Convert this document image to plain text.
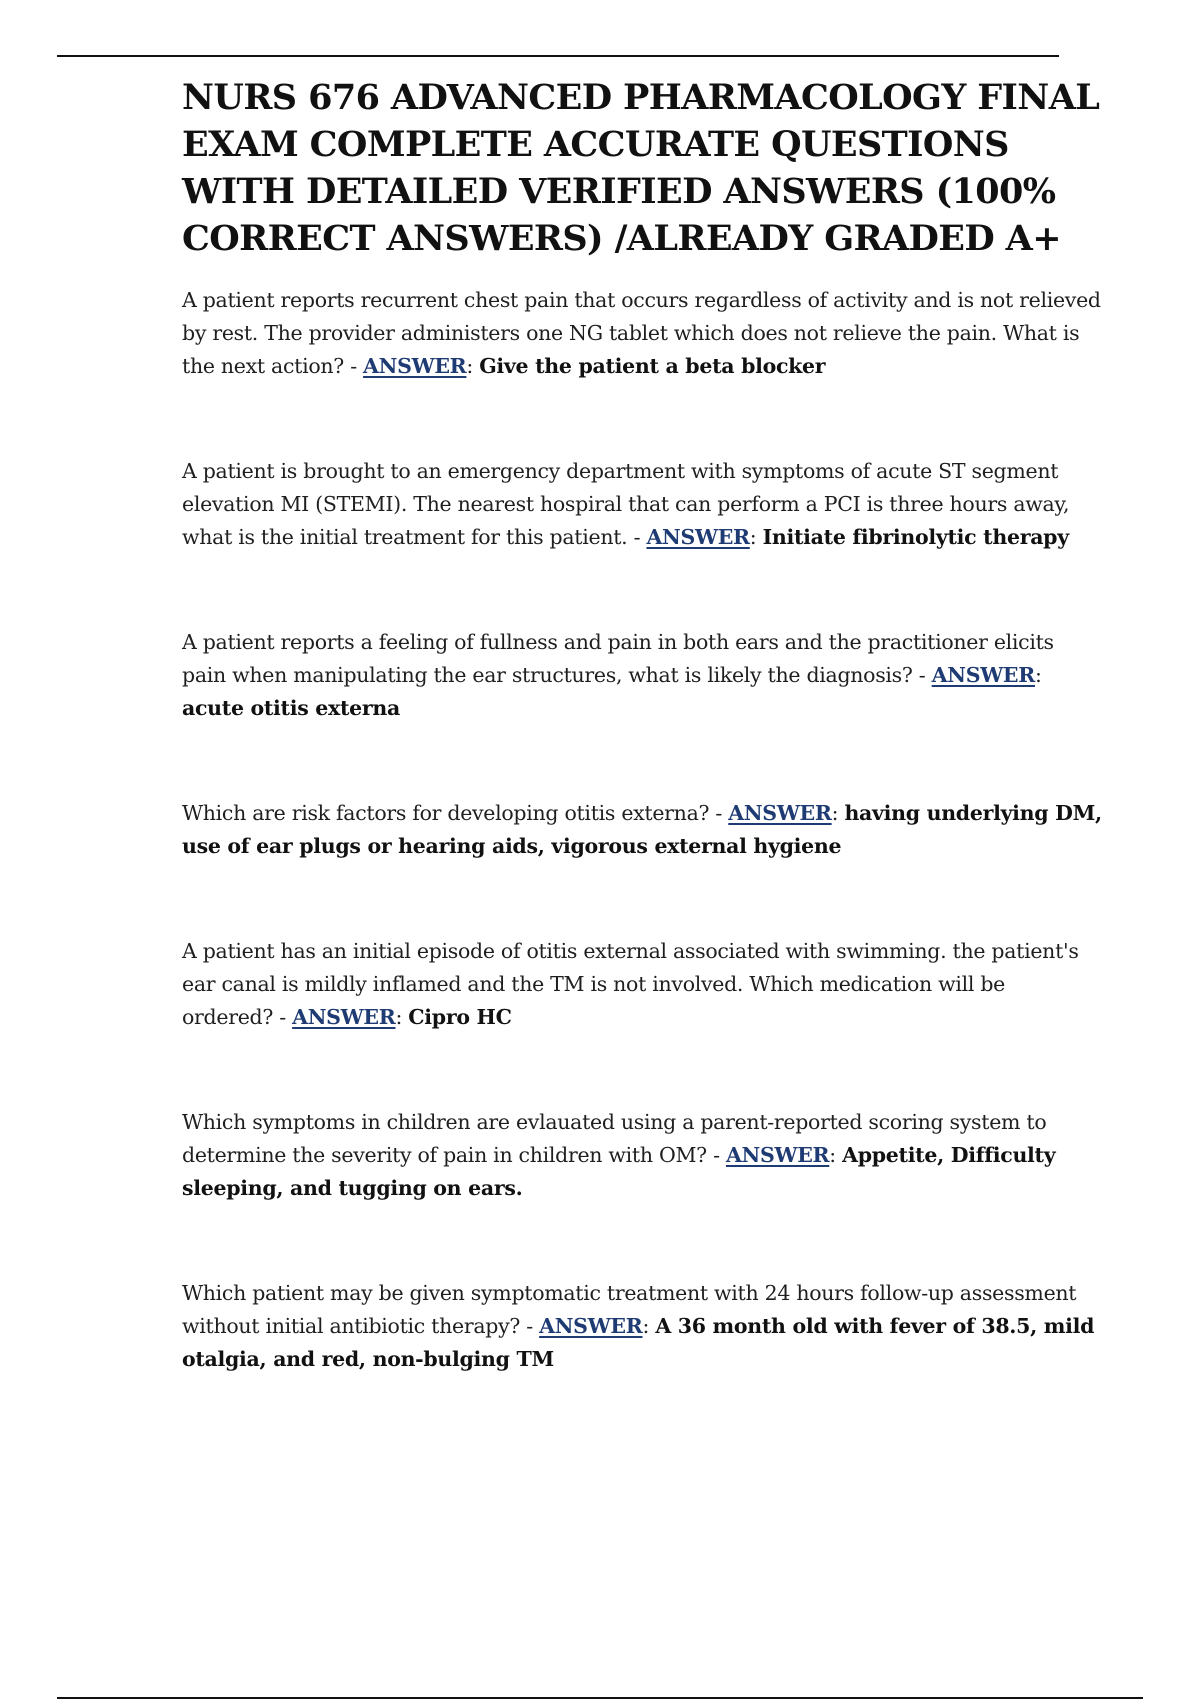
NURS 676 ADVANCED PHARMACOLOGY FINAL EXAM COMPLETE ACCURATE QUESTIONS WITH DETAILED VERIFIED ANSWERS (100% CORRECT ANSWERS) /ALREADY GRADED A+

A patient reports recurrent chest pain that occurs regardless of activity and is not relieved by rest. The provider administers one NG tablet which does not relieve the pain. What is the next action? - ANSWER: Give the patient a beta blocker

A patient is brought to an emergency department with symptoms of acute ST segment elevation MI (STEMI). The nearest hospiral that can perform a PCI is three hours away, what is the initial treatment for this patient. - ANSWER: Initiate fibrinolytic therapy

A patient reports a feeling of fullness and pain in both ears and the practitioner elicits pain when manipulating the ear structures, what is likely the diagnosis? - ANSWER: acute otitis externa

Which are risk factors for developing otitis externa? - ANSWER: having underlying DM, use of ear plugs or hearing aids, vigorous external hygiene

A patient has an initial episode of otitis external associated with swimming. the patient's ear canal is mildly inflamed and the TM is not involved. Which medication will be ordered? - ANSWER: Cipro HC

Which symptoms in children are evlauated using a parent-reported scoring system to determine the severity of pain in children with OM? - ANSWER: Appetite, Difficulty sleeping, and tugging on ears.

Which patient may be given symptomatic treatment with 24 hours follow-up assessment without initial antibiotic therapy? - ANSWER: A 36 month old with fever of 38.5, mild otalgia, and red, non-bulging TM
